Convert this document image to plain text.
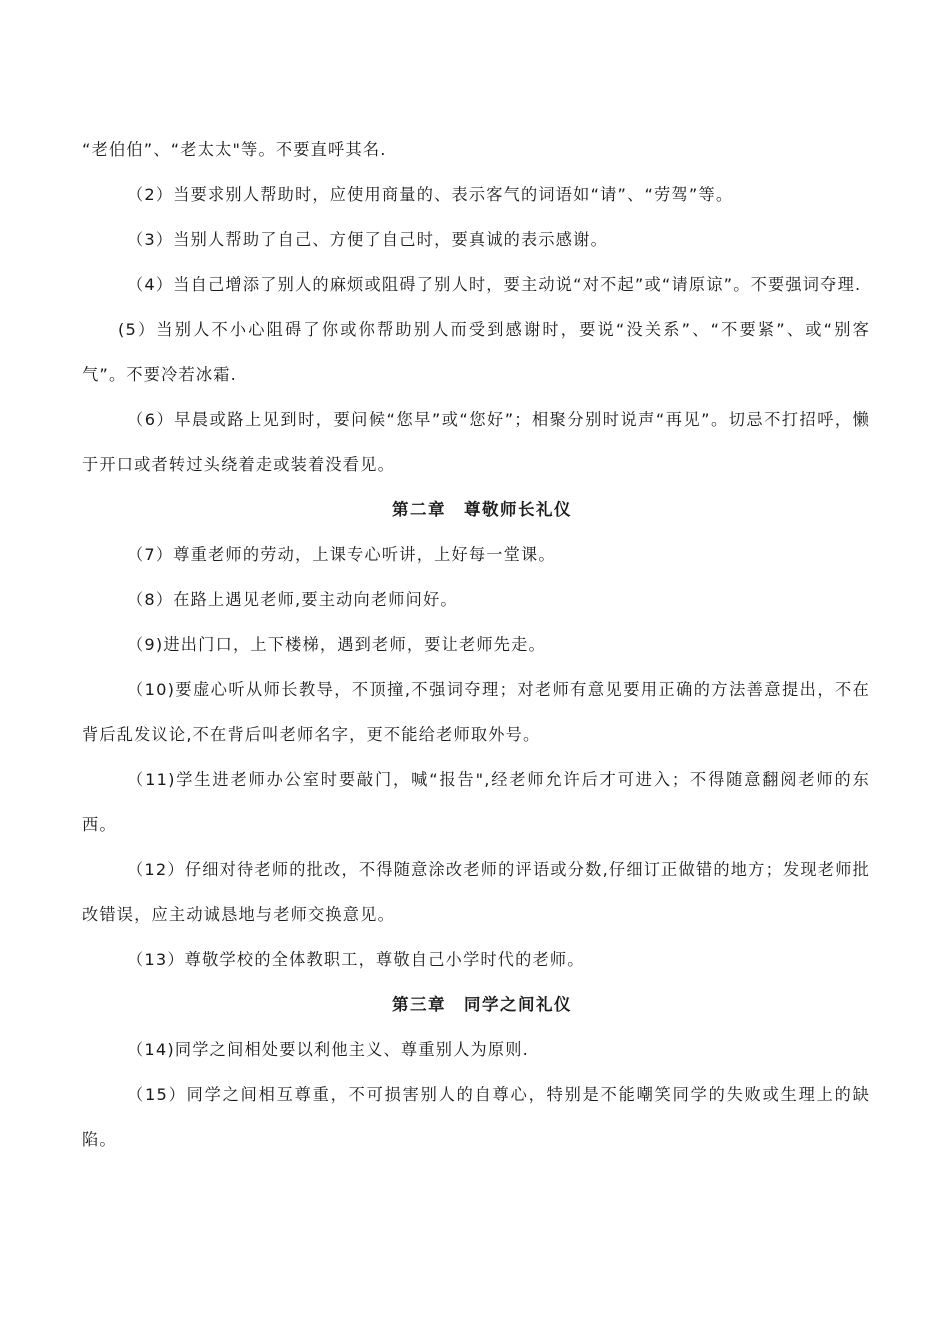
“老伯伯”、“老太太"等。不要直呼其名.

（2）当要求别人帮助时，应使用商量的、表示客气的词语如“请”、“劳驾”等。

（3）当别人帮助了自己、方便了自己时，要真诚的表示感谢。

（4）当自己增添了别人的麻烦或阻碍了别人时，要主动说“对不起”或“请原谅”。不要强词夺理.

(5）当别人不小心阻碍了你或你帮助别人而受到感谢时，要说“没关系”、“不要紧”、或“别客气”。不要冷若冰霜.

（6）早晨或路上见到时，要问候“您早”或“您好”；相聚分别时说声“再见”。切忌不打招呼，懒于开口或者转过头绕着走或装着没看见。

第二章　尊敬师长礼仪

（7）尊重老师的劳动，上课专心听讲，上好每一堂课。

（8）在路上遇见老师,要主动向老师问好。

（9)进出门口，上下楼梯，遇到老师，要让老师先走。

（10)要虚心听从师长教导，不顶撞,不强词夺理；对老师有意见要用正确的方法善意提出，不在背后乱发议论,不在背后叫老师名字，更不能给老师取外号。

（11)学生进老师办公室时要敲门，喊“报告",经老师允许后才可进入；不得随意翻阅老师的东西。

（12）仔细对待老师的批改，不得随意涂改老师的评语或分数,仔细订正做错的地方；发现老师批改错误，应主动诚恳地与老师交换意见。

（13）尊敬学校的全体教职工，尊敬自己小学时代的老师。

第三章　同学之间礼仪

（14)同学之间相处要以利他主义、尊重别人为原则.

（15）同学之间相互尊重，不可损害别人的自尊心，特别是不能嘲笑同学的失败或生理上的缺陷。
